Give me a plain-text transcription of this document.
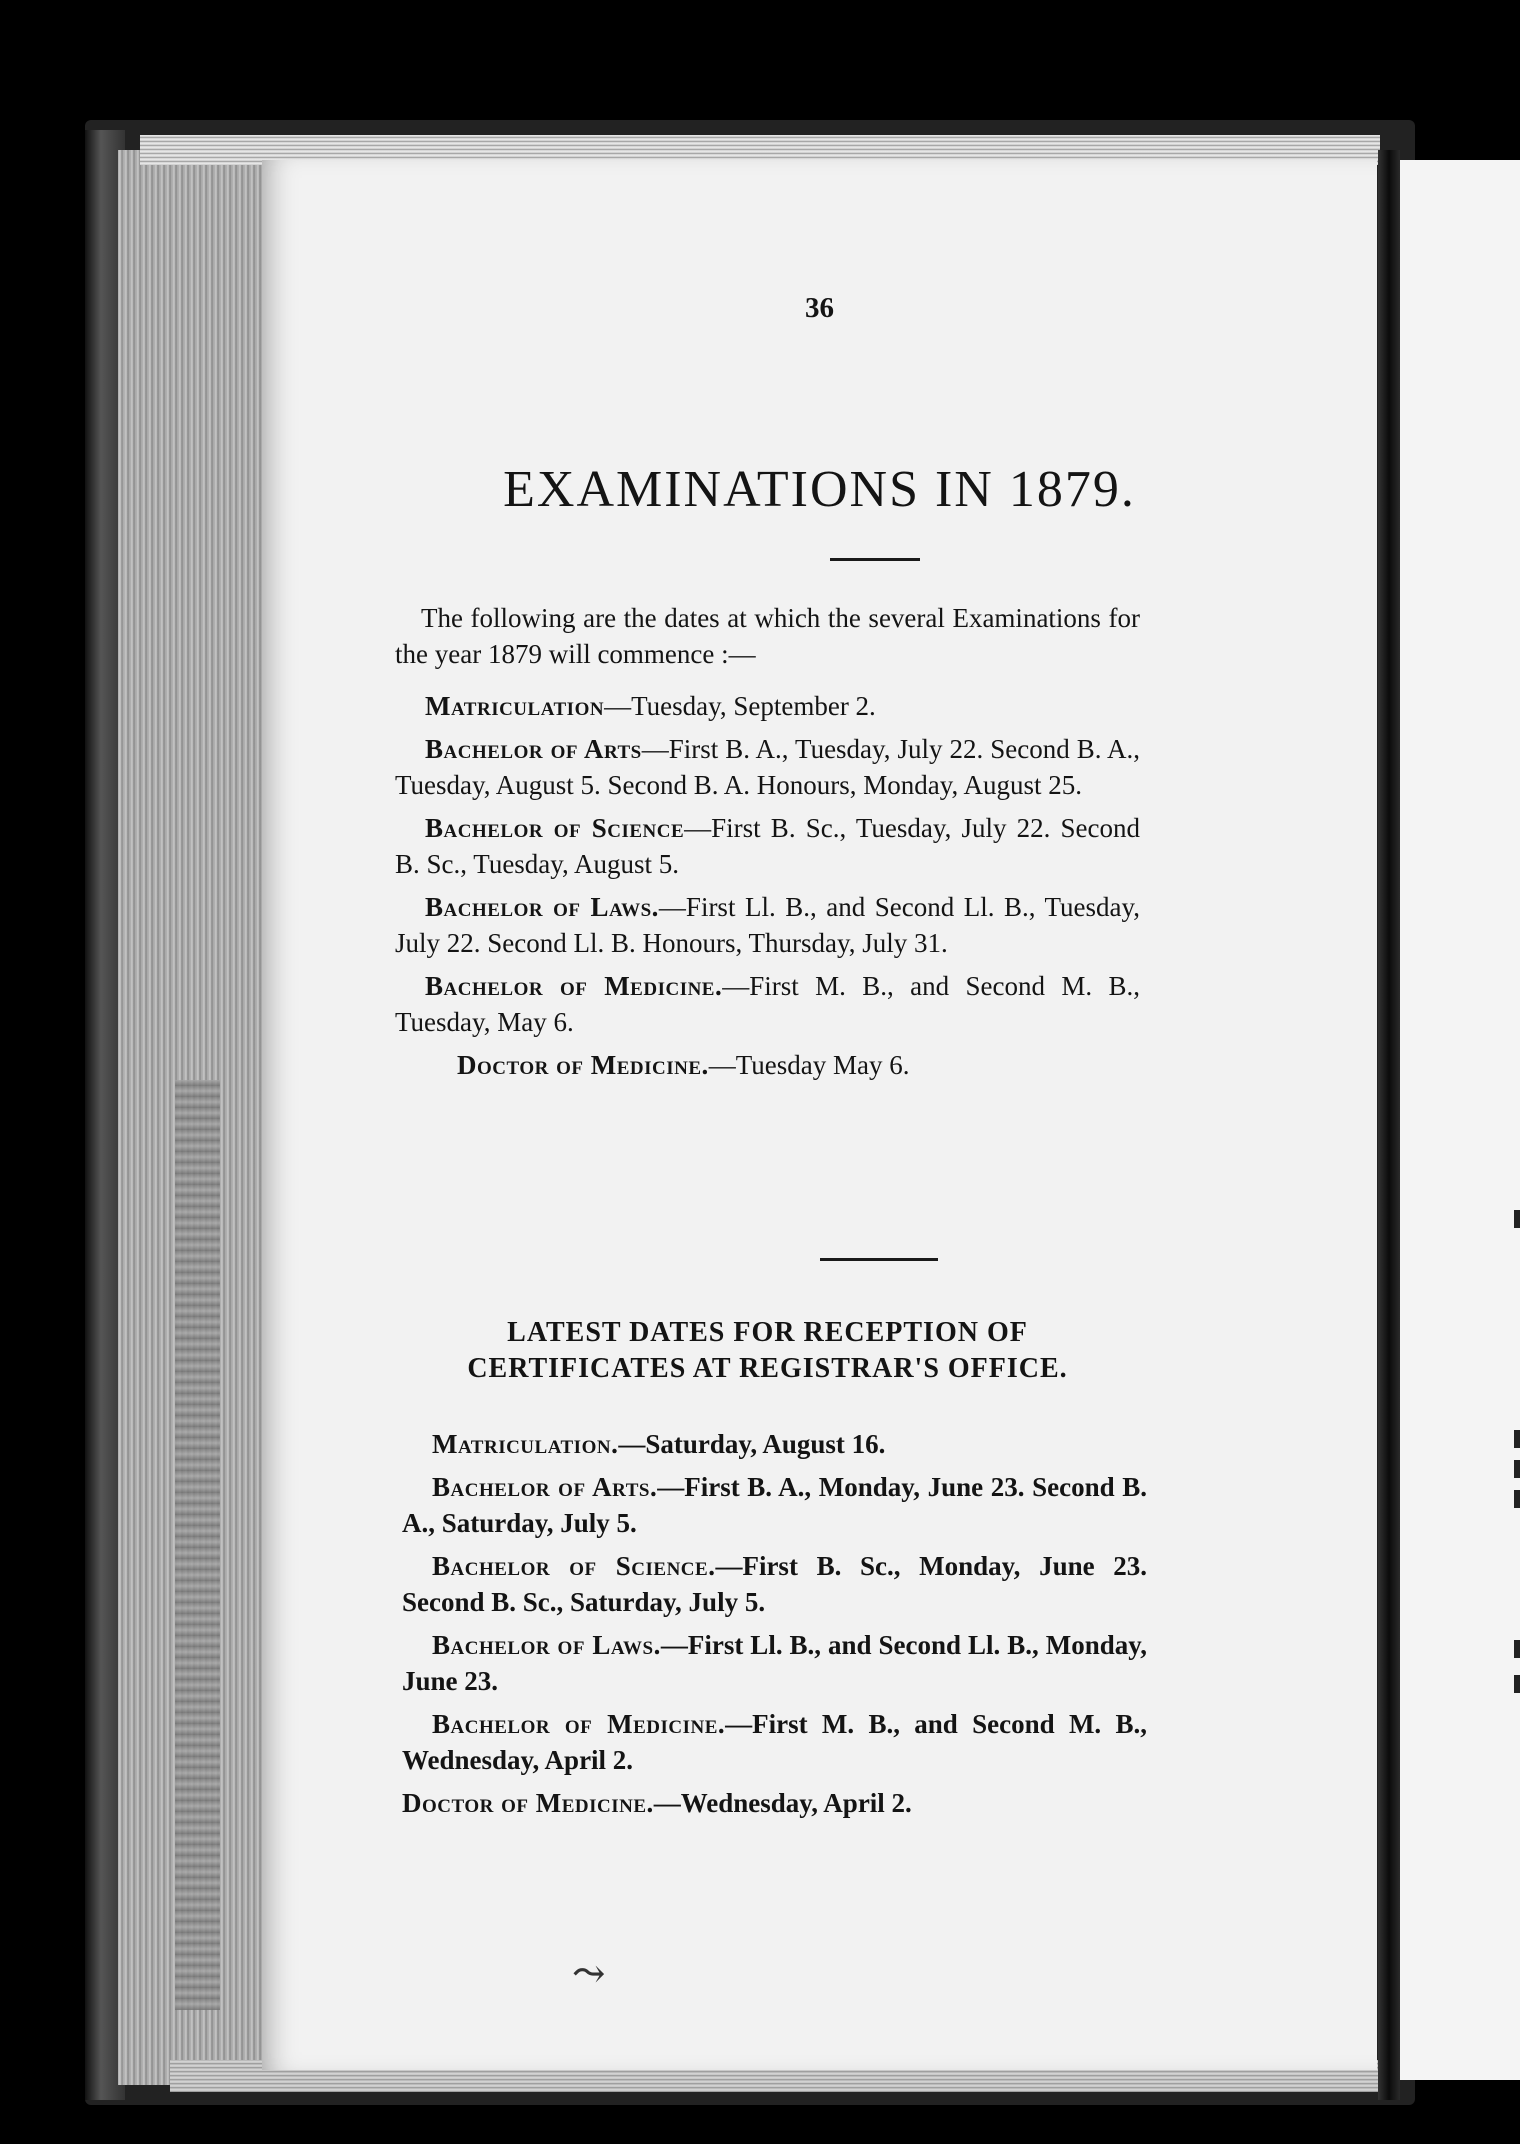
36
EXAMINATIONS IN 1879.

The following are the dates at which the several Examinations for the year 1879 will commence :—

Matriculation—Tuesday, September 2.

Bachelor of Arts—First B. A., Tuesday, July 22. Second B. A., Tuesday, August 5. Second B. A. Honours, Monday, August 25.

Bachelor of Science—First B. Sc., Tuesday, July 22. Second B. Sc., Tuesday, August 5.

Bachelor of Laws.—First Ll. B., and Second Ll. B., Tuesday, July 22. Second Ll. B. Honours, Thursday, July 31.

Bachelor of Medicine.—First M. B., and Second M. B., Tuesday, May 6.

Doctor of Medicine.—Tuesday May 6.

LATEST DATES FOR RECEPTION OF CERTIFICATES AT REGISTRAR'S OFFICE.

Matriculation.—Saturday, August 16.

Bachelor of Arts.—First B. A., Monday, June 23. Second B. A., Saturday, July 5.

Bachelor of Science.—First B. Sc., Monday, June 23. Second B. Sc., Saturday, July 5.

Bachelor of Laws.—First Ll. B., and Second Ll. B., Monday, June 23.

Bachelor of Medicine.—First M. B., and Second M. B., Wednesday, April 2.

Doctor of Medicine.—Wednesday, April 2.

⤳
